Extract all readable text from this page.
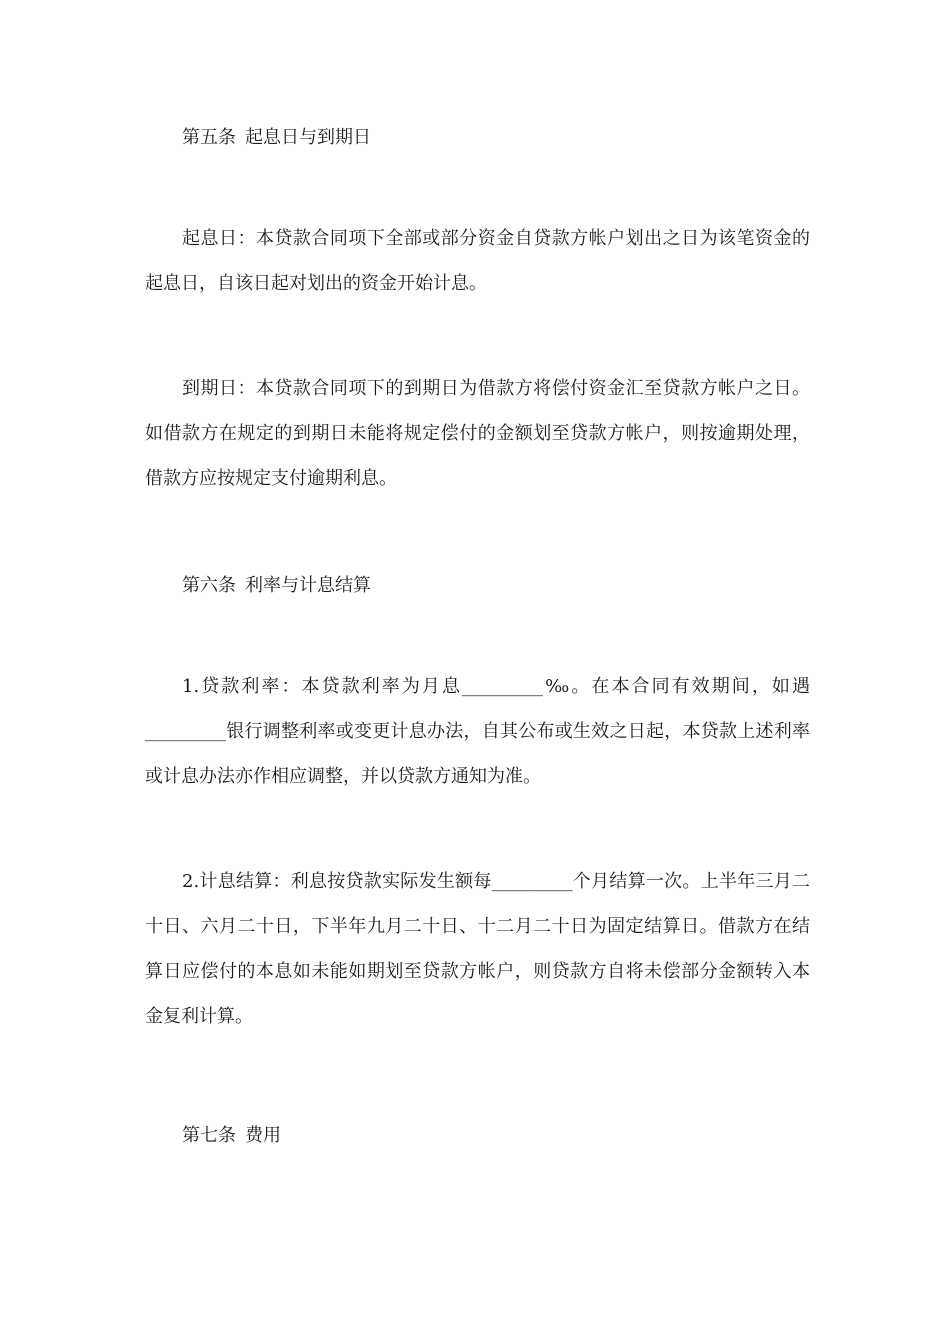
第五条 起息日与到期日

起息日：本贷款合同项下全部或部分资金自贷款方帐户划出之日为该笔资金的起息日，自该日起对划出的资金开始计息。

到期日：本贷款合同项下的到期日为借款方将偿付资金汇至贷款方帐户之日。如借款方在规定的到期日未能将规定偿付的金额划至贷款方帐户，则按逾期处理，借款方应按规定支付逾期利息。

第六条 利率与计息结算

1.贷款利率：本贷款利率为月息_________‰。在本合同有效期间，如遇_________银行调整利率或变更计息办法，自其公布或生效之日起，本贷款上述利率或计息办法亦作相应调整，并以贷款方通知为准。

2.计息结算：利息按贷款实际发生额每_________个月结算一次。上半年三月二十日、六月二十日，下半年九月二十日、十二月二十日为固定结算日。借款方在结算日应偿付的本息如未能如期划至贷款方帐户，则贷款方自将未偿部分金额转入本金复利计算。

第七条 费用
